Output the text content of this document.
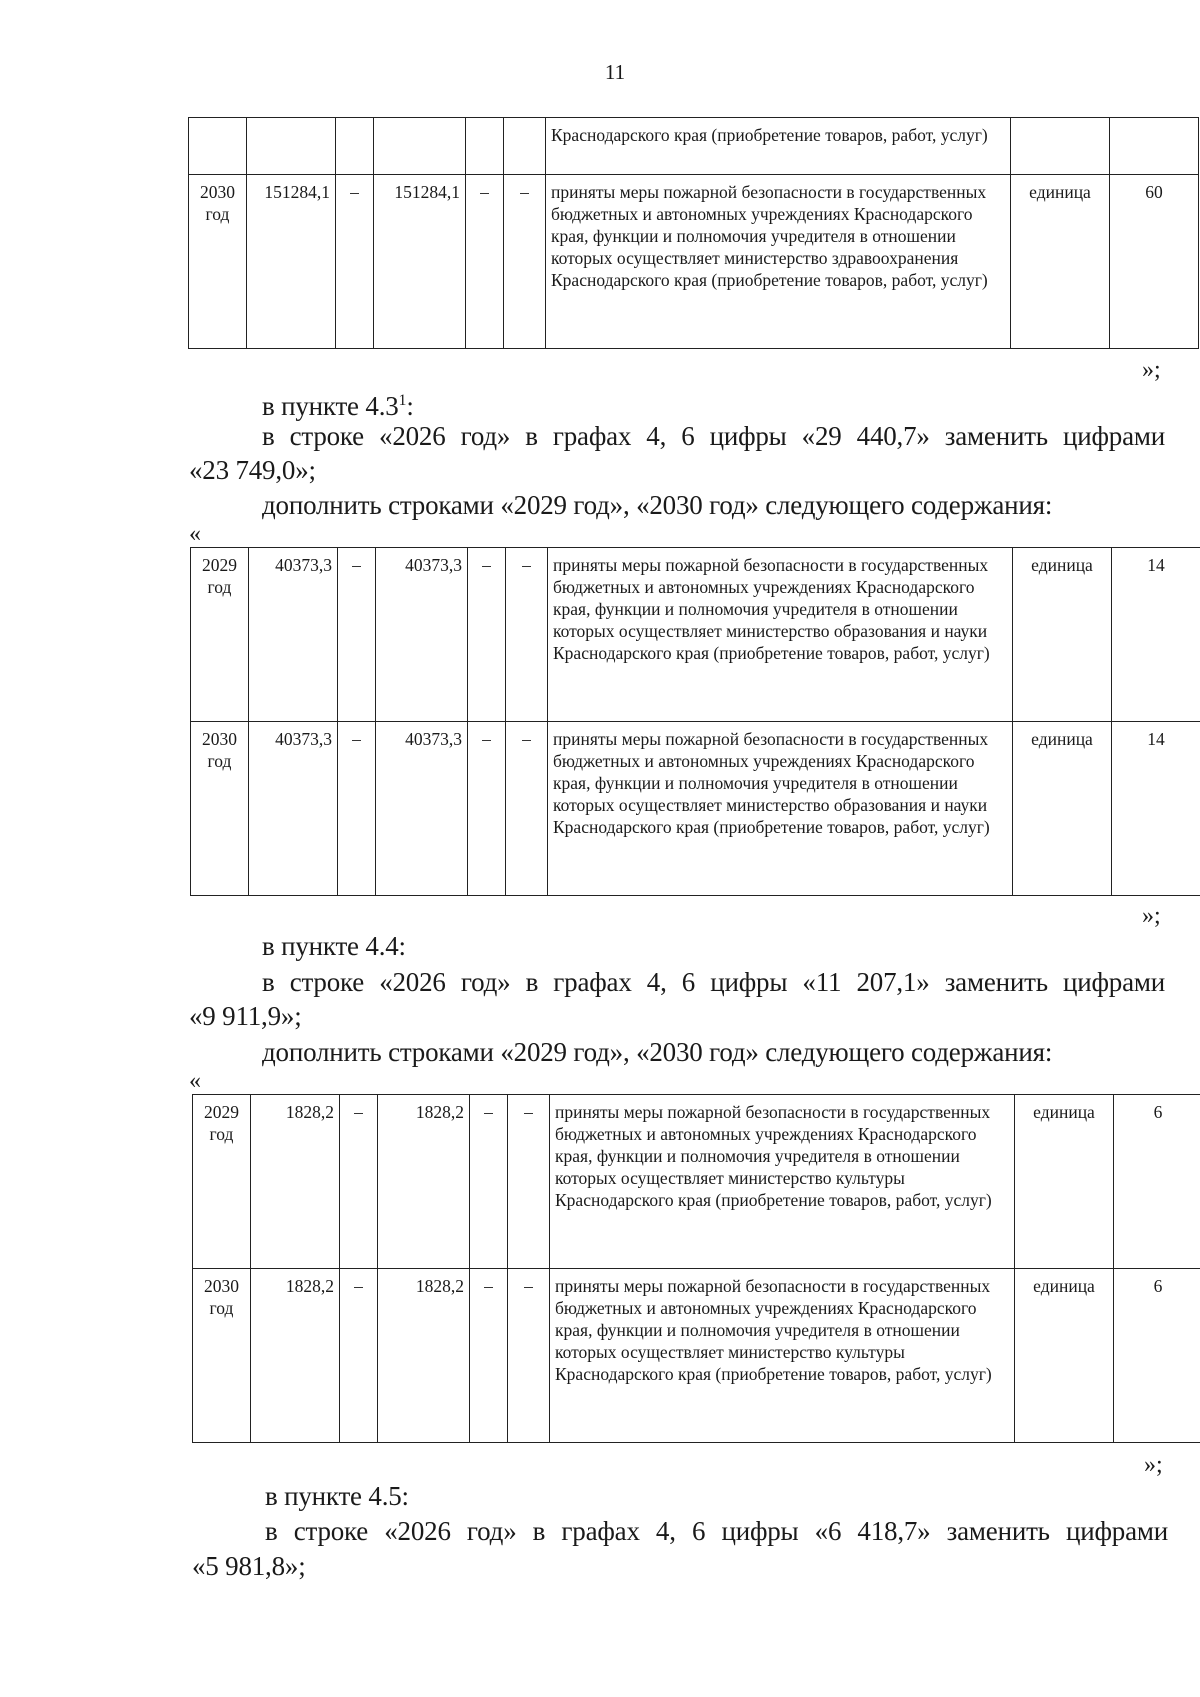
11
						Краснодарского края (приобретение товаров, работ, услуг)		
2030 год	151284,1	–	151284,1	–	–	приняты меры пожарной безопасности в государственных бюджетных и автономных учреждениях Краснодарского края, функции и полномочия учредителя в отношении которых осуществляет министерство здравоохранения Краснодарского края (приобретение товаров, работ, услуг)	единица	60
»;
в пункте $4.3^1$:
в строке «2026 год» в графах 4, 6 цифры «29 440,7» заменить цифрами
«23 749,0»;
дополнить строками «2029 год», «2030 год» следующего содержания:
«
2029 год	40373,3	–	40373,3	–	–	приняты меры пожарной безопасности в государственных бюджетных и автономных учреждениях Краснодарского края, функции и полномочия учредителя в отношении которых осуществляет министерство образования и науки Краснодарского края (приобретение товаров, работ, услуг)	единица	14
2030 год	40373,3	–	40373,3	–	–	приняты меры пожарной безопасности в государственных бюджетных и автономных учреждениях Краснодарского края, функции и полномочия учредителя в отношении которых осуществляет министерство образования и науки Краснодарского края (приобретение товаров, работ, услуг)	единица	14
»;
в пункте 4.4:
в строке «2026 год» в графах 4, 6 цифры «11 207,1» заменить цифрами
«9 911,9»;
дополнить строками «2029 год», «2030 год» следующего содержания:
«
2029 год	1828,2	–	1828,2	–	–	приняты меры пожарной безопасности в государственных бюджетных и автономных учреждениях Краснодарского края, функции и полномочия учредителя в отношении которых осуществляет министерство культуры Краснодарского края (приобретение товаров, работ, услуг)	единица	6
2030 год	1828,2	–	1828,2	–	–	приняты меры пожарной безопасности в государственных бюджетных и автономных учреждениях Краснодарского края, функции и полномочия учредителя в отношении которых осуществляет министерство культуры Краснодарского края (приобретение товаров, работ, услуг)	единица	6
»;
в пункте 4.5:
в строке «2026 год» в графах 4, 6 цифры «6 418,7» заменить цифрами
«5 981,8»;
